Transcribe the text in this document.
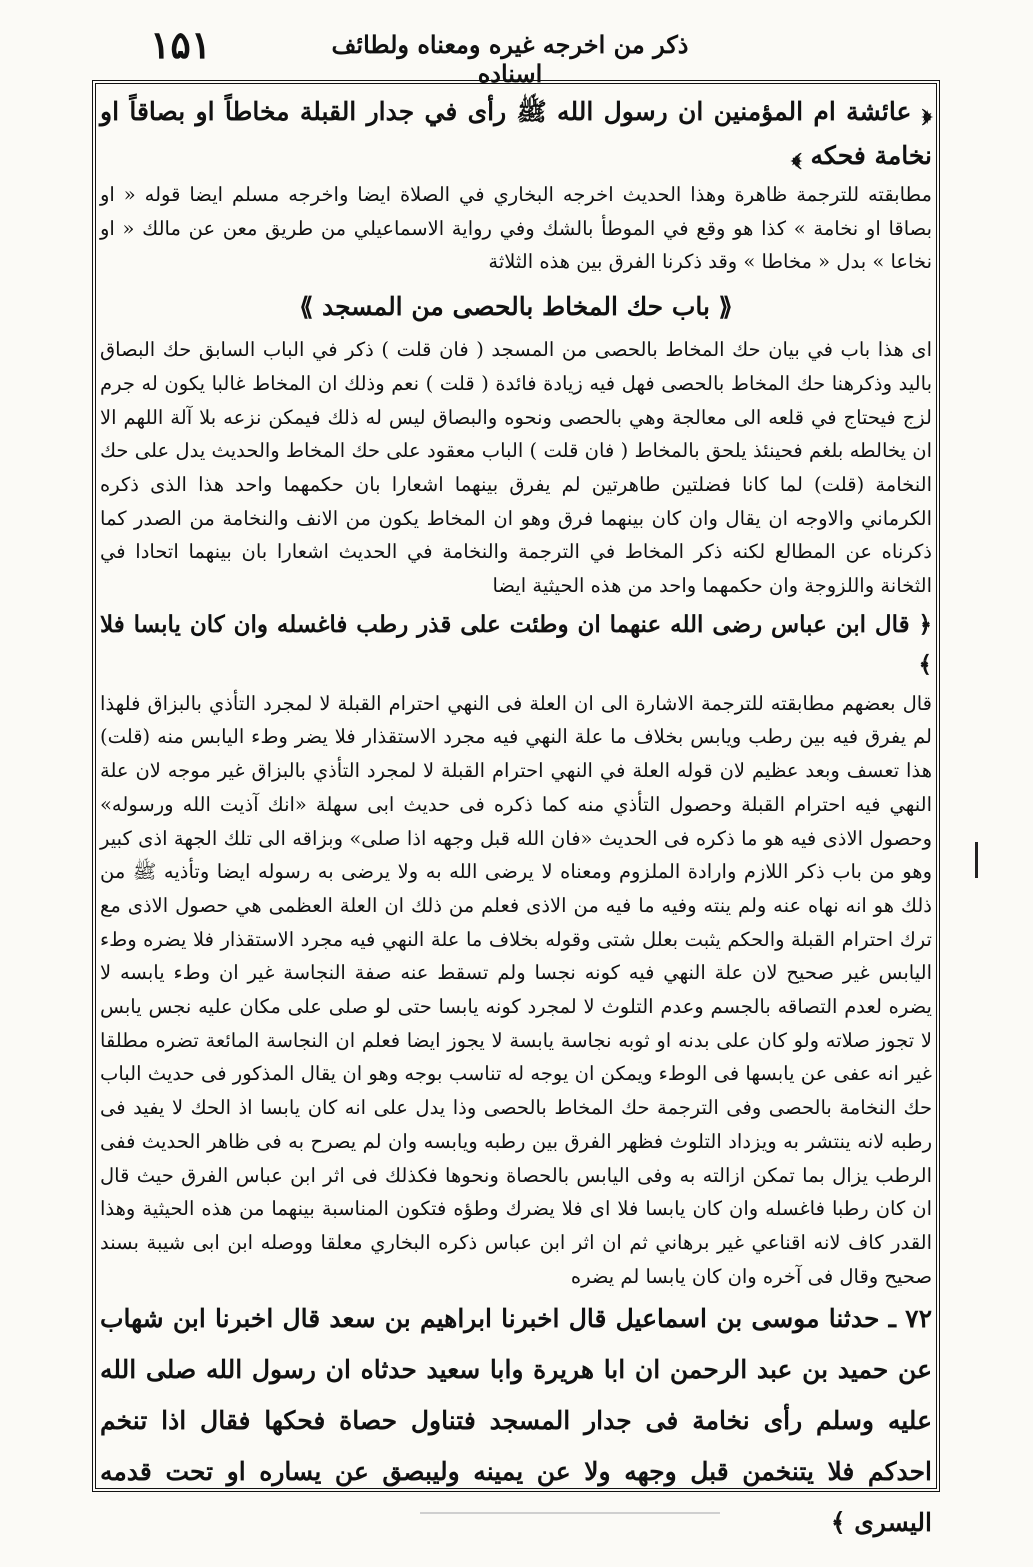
۱۵۱	ذكر من اخرجه غيره ومعناه ولطائف اسناده

﴿ عائشة ام المؤمنين ان رسول الله ﷺ رأى في جدار القبلة مخاطاً او بصاقاً او نخامة فحكه ﴾

مطابقته للترجمة ظاهرة وهذا الحديث اخرجه البخاري في الصلاة ايضا واخرجه مسلم ايضا قوله « او بصاقا او نخامة » كذا هو وقع في الموطأ بالشك وفي رواية الاسماعيلي من طريق معن عن مالك « او نخاعا » بدل « مخاطا » وقد ذكرنا الفرق بين هذه الثلاثة

⟪ باب حك المخاط بالحصى من المسجد ⟫

اى هذا باب في بيان حك المخاط بالحصى من المسجد ( فان قلت ) ذكر في الباب السابق حك البصاق باليد وذكرهنا حك المخاط بالحصى فهل فيه زيادة فائدة ( قلت ) نعم وذلك ان المخاط غالبا يكون له جرم لزج فيحتاج في قلعه الى معالجة وهي بالحصى ونحوه والبصاق ليس له ذلك فيمكن نزعه بلا آلة اللهم الا ان يخالطه بلغم فحينئذ يلحق بالمخاط ( فان قلت ) الباب معقود على حك المخاط والحديث يدل على حك النخامة (قلت) لما كانا فضلتين طاهرتين لم يفرق بينهما اشعارا بان حكمهما واحد هذا الذى ذكره الكرماني والاوجه ان يقال وان كان بينهما فرق وهو ان المخاط يكون من الانف والنخامة من الصدر كما ذكرناه عن المطالع لكنه ذكر المخاط في الترجمة والنخامة في الحديث اشعارا بان بينهما اتحادا في الثخانة واللزوجة وان حكمهما واحد من هذه الحيثية ايضا

﴿ قال ابن عباس رضى الله عنهما ان وطئت على قذر رطب فاغسله وان كان يابسا فلا ﴾

قال بعضهم مطابقته للترجمة الاشارة الى ان العلة فى النهي احترام القبلة لا لمجرد التأذي بالبزاق فلهذا لم يفرق فيه بين رطب ويابس بخلاف ما علة النهي فيه مجرد الاستقذار فلا يضر وطء اليابس منه (قلت) هذا تعسف وبعد عظيم لان قوله العلة في النهي احترام القبلة لا لمجرد التأذي بالبزاق غير موجه لان علة النهي فيه احترام القبلة وحصول التأذي منه كما ذكره فى حديث ابى سهلة «انك آذيت الله ورسوله» وحصول الاذى فيه هو ما ذكره فى الحديث «فان الله قبل وجهه اذا صلى» وبزاقه الى تلك الجهة اذى كبير وهو من باب ذكر اللازم وارادة الملزوم ومعناه لا يرضى الله به ولا يرضى به رسوله ايضا وتأذيه ﷺ من ذلك هو انه نهاه عنه ولم ينته وفيه ما فيه من الاذى فعلم من ذلك ان العلة العظمى هي حصول الاذى مع ترك احترام القبلة والحكم يثبت بعلل شتى وقوله بخلاف ما علة النهي فيه مجرد الاستقذار فلا يضره وطء اليابس غير صحيح لان علة النهي فيه كونه نجسا ولم تسقط عنه صفة النجاسة غير ان وطء يابسه لا يضره لعدم التصاقه بالجسم وعدم التلوث لا لمجرد كونه يابسا حتى لو صلى على مكان عليه نجس يابس لا تجوز صلاته ولو كان على بدنه او ثوبه نجاسة يابسة لا يجوز ايضا فعلم ان النجاسة المائعة تضره مطلقا غير انه عفى عن يابسها فى الوطء ويمكن ان يوجه له تناسب بوجه وهو ان يقال المذكور فى حديث الباب حك النخامة بالحصى وفى الترجمة حك المخاط بالحصى وذا يدل على انه كان يابسا اذ الحك لا يفيد فى رطبه لانه ينتشر به ويزداد التلوث فظهر الفرق بين رطبه ويابسه وان لم يصرح به فى ظاهر الحديث ففى الرطب يزال بما تمكن ازالته به وفى اليابس بالحصاة ونحوها فكذلك فى اثر ابن عباس الفرق حيث قال ان كان رطبا فاغسله وان كان يابسا فلا اى فلا يضرك وطؤه فتكون المناسبة بينهما من هذه الحيثية وهذا القدر كاف لانه اقناعي غير برهاني ثم ان اثر ابن عباس ذكره البخاري معلقا ووصله ابن ابى شيبة بسند صحيح وقال فى آخره وان كان يابسا لم يضره

٧٢ ـ حدثنا موسى بن اسماعيل قال اخبرنا ابراهيم بن سعد قال اخبرنا ابن شهاب عن حميد بن عبد الرحمن ان ابا هريرة وابا سعيد حدثاه ان رسول الله صلى الله عليه وسلم رأى نخامة فى جدار المسجد فتناول حصاة فحكها فقال اذا تنخم احدكم فلا يتنخمن قبل وجهه ولا عن يمينه وليبصق عن يساره او تحت قدمه اليسرى ﴾
